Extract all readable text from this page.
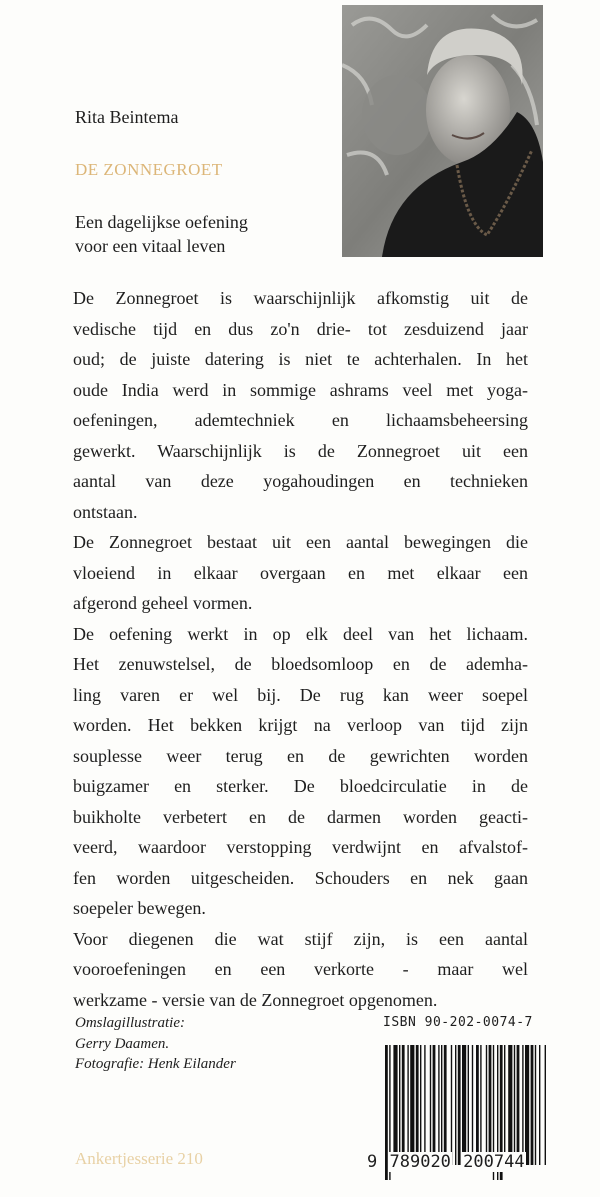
Rita Beintema
DE ZONNEGROET
Een dagelijkse oefening
voor een vitaal leven
De Zonnegroet is waarschijnlijk afkomstig uit de
vedische tijd en dus zo'n drie- tot zesduizend jaar
oud; de juiste datering is niet te achterhalen. In het
oude India werd in sommige ashrams veel met yoga-
oefeningen, ademtechniek en lichaamsbeheersing
gewerkt. Waarschijnlijk is de Zonnegroet uit een
aantal van deze yogahoudingen en technieken
ontstaan.
De Zonnegroet bestaat uit een aantal bewegingen die
vloeiend in elkaar overgaan en met elkaar een
afgerond geheel vormen.
De oefening werkt in op elk deel van het lichaam.
Het zenuwstelsel, de bloedsomloop en de ademha-
ling varen er wel bij. De rug kan weer soepel
worden. Het bekken krijgt na verloop van tijd zijn
souplesse weer terug en de gewrichten worden
buigzamer en sterker. De bloedcirculatie in de
buikholte verbetert en de darmen worden geacti-
veerd, waardoor verstopping verdwijnt en afvalstof-
fen worden uitgescheiden. Schouders en nek gaan
soepeler bewegen.
Voor diegenen die wat stijf zijn, is een aantal
vooroefeningen en een verkorte - maar wel
werkzame - versie van de Zonnegroet opgenomen.
Omslagillustratie:
Gerry Daamen.
Fotografie: Henk Eilander
Ankertjesserie 210
ISBN 90-202-0074-7
9 789020 200744
